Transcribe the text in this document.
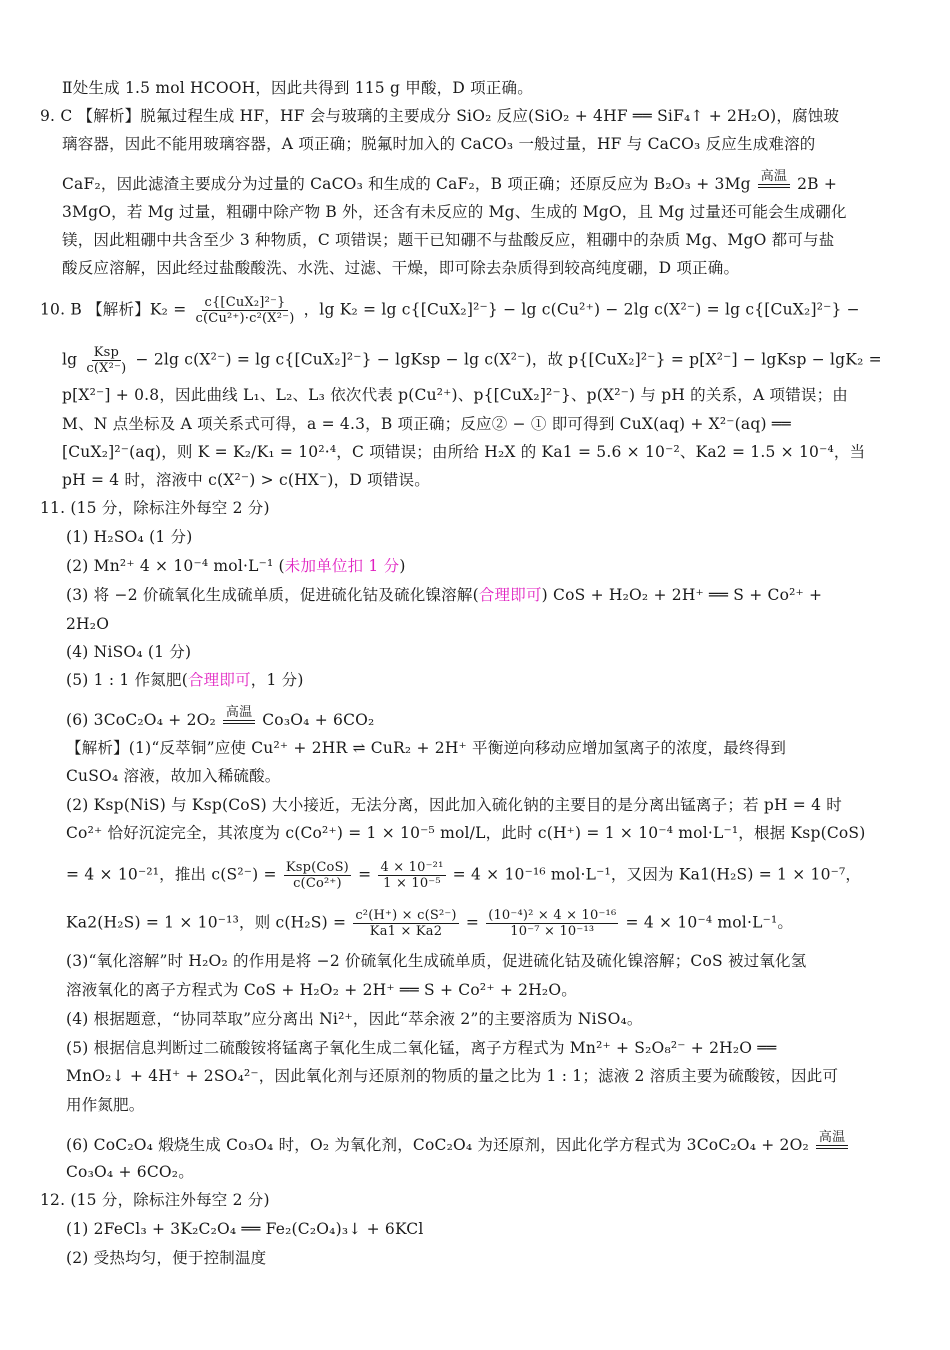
Ⅱ处生成 1.5 mol HCOOH，因此共得到 115 g 甲酸，D 项正确。
9. C 【解析】脱氟过程生成 HF，HF 会与玻璃的主要成分 SiO₂ 反应(SiO₂ + 4HF ══ SiF₄↑ + 2H₂O)，腐蚀玻
璃容器，因此不能用玻璃容器，A 项正确；脱氟时加入的 CaCO₃ 一般过量，HF 与 CaCO₃ 反应生成难溶的
CaF₂，因此滤渣主要成分为过量的 CaCO₃ 和生成的 CaF₂，B 项正确；还原反应为 B₂O₃ + 3Mg 高温 2B +
3MgO，若 Mg 过量，粗硼中除产物 B 外，还含有未反应的 Mg、生成的 MgO，且 Mg 过量还可能会生成硼化
镁，因此粗硼中共含至少 3 种物质，C 项错误；题干已知硼不与盐酸反应，粗硼中的杂质 Mg、MgO 都可与盐
酸反应溶解，因此经过盐酸酸洗、水洗、过滤、干燥，即可除去杂质得到较高纯度硼，D 项正确。
10. B 【解析】$K_2 = \frac{\text{c\{[CuX₂]²⁻\}}}{\text{c(Cu²⁺)·c²(X²⁻)}}$ ，lg K₂ = lg c{[CuX₂]²⁻} − lg c(Cu²⁺) − 2lg c(X²⁻) = lg c{[CuX₂]²⁻} −
$\lg \frac{\text{Ksp}}{\text{c(X²⁻)}} - 2\lg$ c(X²⁻) = lg c{[CuX₂]²⁻} − lgKsp − lg c(X²⁻)，故 p{[CuX₂]²⁻} = p[X²⁻] − lgKsp − lgK₂ =
p[X²⁻] + 0.8，因此曲线 L₁、L₂、L₃ 依次代表 p(Cu²⁺)、p{[CuX₂]²⁻}、p(X²⁻) 与 pH 的关系，A 项错误；由
M、N 点坐标及 A 项关系式可得，a = 4.3，B 项正确；反应② − ① 即可得到 CuX(aq) + X²⁻(aq) ══
[CuX₂]²⁻(aq)，则 K = K₂/K₁ = 10²·⁴，C 项错误；由所给 H₂X 的 Ka1 = 5.6 × 10⁻²、Ka2 = 1.5 × 10⁻⁴，当
pH = 4 时，溶液中 c(X²⁻) > c(HX⁻)，D 项错误。
11. (15 分，除标注外每空 2 分)
(1) H₂SO₄ (1 分)
(2) Mn²⁺ 4 × 10⁻⁴ mol·L⁻¹ (未加单位扣 1 分)
(3) 将 −2 价硫氧化生成硫单质，促进硫化钴及硫化镍溶解(合理即可) CoS + H₂O₂ + 2H⁺ ══ S + Co²⁺ +
2H₂O
(4) NiSO₄ (1 分)
(5) 1 : 1 作氮肥(合理即可，1 分)
(6) 3CoC₂O₄ + 2O₂ 高温 Co₃O₄ + 6CO₂
【解析】(1)“反萃铜”应使 Cu²⁺ + 2HR ⇌ CuR₂ + 2H⁺ 平衡逆向移动应增加氢离子的浓度，最终得到
CuSO₄ 溶液，故加入稀硫酸。
(2) Ksp(NiS) 与 Ksp(CoS) 大小接近，无法分离，因此加入硫化钠的主要目的是分离出锰离子；若 pH = 4 时
Co²⁺ 恰好沉淀完全，其浓度为 c(Co²⁺) = 1 × 10⁻⁵ mol/L，此时 c(H⁺) = 1 × 10⁻⁴ mol·L⁻¹，根据 Ksp(CoS)
= 4 × 10⁻²¹，推出 $c(S^{2-}) = \frac{\text{Ksp(CoS)}}{\text{c(Co²⁺)}} = \frac{\text{4 × 10⁻²¹}}{\text{1 × 10⁻⁵}} = 4 \times 10^{-16}$ mol·L⁻¹，又因为 Ka1(H₂S) = 1 × 10⁻⁷，
Ka2(H₂S) = 1 × 10⁻¹³，则 $c(H_2S) = \frac{\text{c²(H⁺) × c(S²⁻)}}{Ka1 \times Ka2} = \frac{\text{(10⁻⁴)² × 4 × 10⁻¹⁶}}{\text{10⁻⁷ × 10⁻¹³}} = 4 \times 10^{-4}$ mol·L⁻¹。
(3)“氧化溶解”时 H₂O₂ 的作用是将 −2 价硫氧化生成硫单质，促进硫化钴及硫化镍溶解；CoS 被过氧化氢
溶液氧化的离子方程式为 CoS + H₂O₂ + 2H⁺ ══ S + Co²⁺ + 2H₂O。
(4) 根据题意，“协同萃取”应分离出 Ni²⁺，因此“萃余液 2”的主要溶质为 NiSO₄。
(5) 根据信息判断过二硫酸铵将锰离子氧化生成二氧化锰，离子方程式为 Mn²⁺ + S₂O₈²⁻ + 2H₂O ══
MnO₂↓ + 4H⁺ + 2SO₄²⁻，因此氧化剂与还原剂的物质的量之比为 1 : 1；滤液 2 溶质主要为硫酸铵，因此可
用作氮肥。
(6) CoC₂O₄ 煅烧生成 Co₃O₄ 时，O₂ 为氧化剂，CoC₂O₄ 为还原剂，因此化学方程式为 3CoC₂O₄ + 2O₂ 高温
Co₃O₄ + 6CO₂。
12. (15 分，除标注外每空 2 分)
(1) 2FeCl₃ + 3K₂C₂O₄ ══ Fe₂(C₂O₄)₃↓ + 6KCl
(2) 受热均匀，便于控制温度
